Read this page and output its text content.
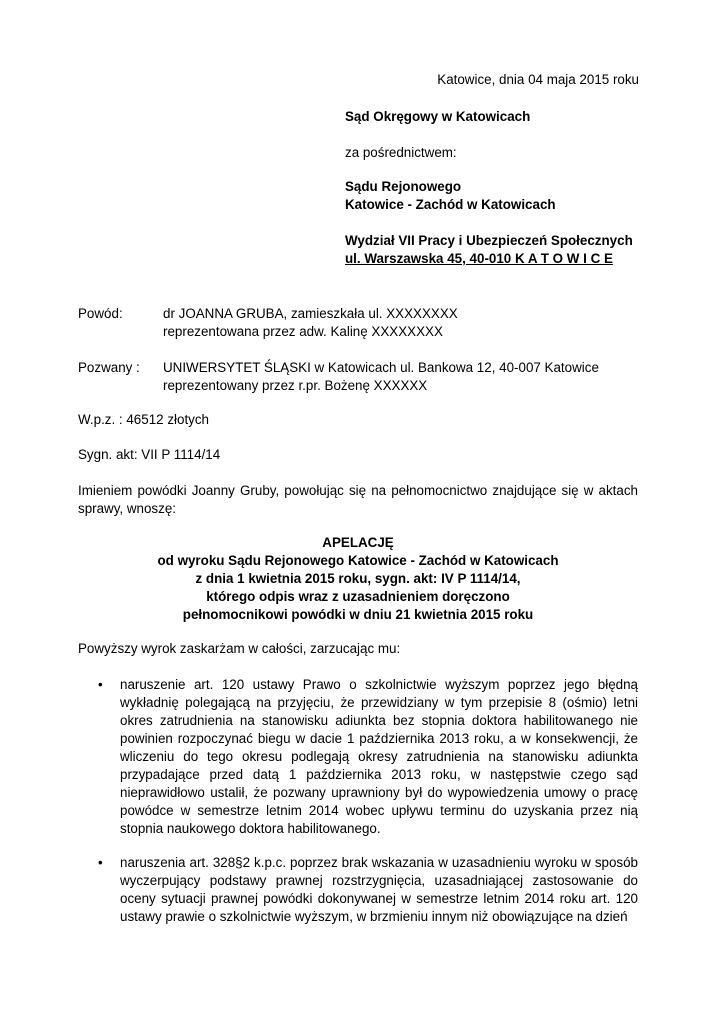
Katowice, dnia 04 maja 2015 roku
Sąd Okręgowy w Katowicach
za pośrednictwem:
Sądu Rejonowego
Katowice - Zachód w Katowicach
Wydział VII Pracy i Ubezpieczeń Społecznych
ul. Warszawska 45, 40-010 K A T O W I C E
Powód:	dr JOANNA GRUBA, zamieszkała ul. XXXXXXXX
reprezentowana przez adw. Kalinę XXXXXXXX
Pozwany : UNIWERSYTET ŚLĄSKI w Katowicach ul. Bankowa 12, 40-007 Katowice
reprezentowany przez r.pr. Bożenę XXXXXX
W.p.z. : 46512 złotych
Sygn. akt: VII P 1114/14
Imieniem powódki Joanny Gruby, powołując się na pełnomocnictwo znajdujące się w aktach sprawy, wnoszę:
APELACJĘ
od wyroku Sądu Rejonowego Katowice - Zachód w Katowicach
z dnia 1 kwietnia 2015 roku, sygn. akt: IV P 1114/14,
którego odpis wraz z uzasadnieniem doręczono
pełnomocnikowi powódki w dniu 21 kwietnia 2015 roku
Powyższy wyrok zaskarżam w całości, zarzucając mu:
• naruszenie art. 120 ustawy Prawo o szkolnictwie wyższym poprzez jego błędną wykładnię polegającą na przyjęciu, że przewidziany w tym przepisie 8 (ośmio) letni okres zatrudnienia na stanowisku adiunkta bez stopnia doktora habilitowanego nie powinien rozpoczynać biegu w dacie 1 października 2013 roku, a w konsekwencji, że wliczeniu do tego okresu podlegają okresy zatrudnienia na stanowisku adiunkta przypadające przed datą 1 października 2013 roku, w następstwie czego sąd nieprawidłowo ustalił, że pozwany uprawniony był do wypowiedzenia umowy o pracę powódce w semestrze letnim 2014 wobec upływu terminu do uzyskania przez nią stopnia naukowego doktora habilitowanego.
• naruszenia art. 328§2 k.p.c. poprzez brak wskazania w uzasadnieniu wyroku w sposób wyczerpujący podstawy prawnej rozstrzygnięcia, uzasadniającej zastosowanie do oceny sytuacji prawnej powódki dokonywanej w semestrze letnim 2014 roku art. 120 ustawy prawie o szkolnictwie wyższym, w brzmieniu innym niż obowiązujące na dzień
